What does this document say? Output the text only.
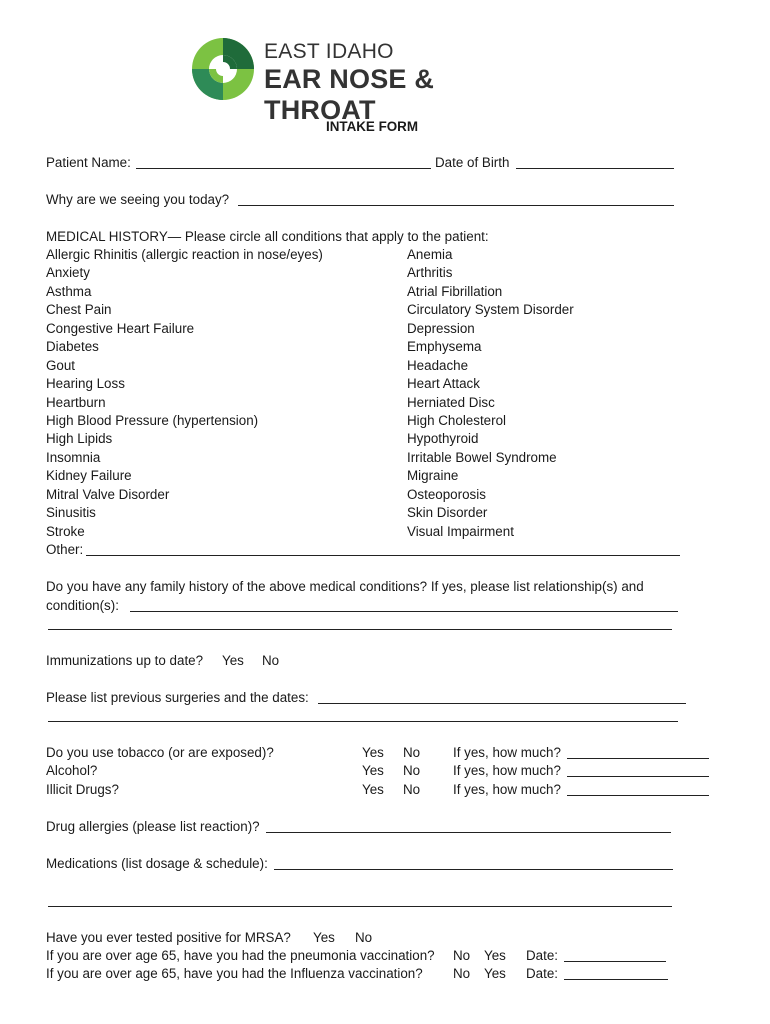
EAST IDAHO
EAR NOSE & THROAT
INTAKE FORM
Patient Name:	Date of Birth
Why are we seeing you today?
MEDICAL HISTORY— Please circle all conditions that apply to the patient:
Allergic Rhinitis (allergic reaction in nose/eyes)
Anxiety
Asthma
Chest Pain
Congestive Heart Failure
Diabetes
Gout
Hearing Loss
Heartburn
High Blood Pressure (hypertension)
High Lipids
Insomnia
Kidney Failure
Mitral Valve Disorder
Sinusitis
Stroke
Anemia
Arthritis
Atrial Fibrillation
Circulatory System Disorder
Depression
Emphysema
Headache
Heart Attack
Herniated Disc
High Cholesterol
Hypothyroid
Irritable Bowel Syndrome
Migraine
Osteoporosis
Skin Disorder
Visual Impairment
Other:
Do you have any family history of the above medical conditions? If yes, please list relationship(s) and
condition(s):
Immunizations up to date? Yes No
Please list previous surgeries and the dates:
Do you use tobacco (or are exposed)?	Yes No If yes, how much?
Alcohol?	Yes No If yes, how much?
Illicit Drugs?	Yes No If yes, how much?
Drug allergies (please list reaction)?
Medications (list dosage & schedule):
Have you ever tested positive for MRSA? Yes No
If you are over age 65, have you had the pneumonia vaccination? No Yes Date:
If you are over age 65, have you had the Influenza vaccination? No Yes Date:
